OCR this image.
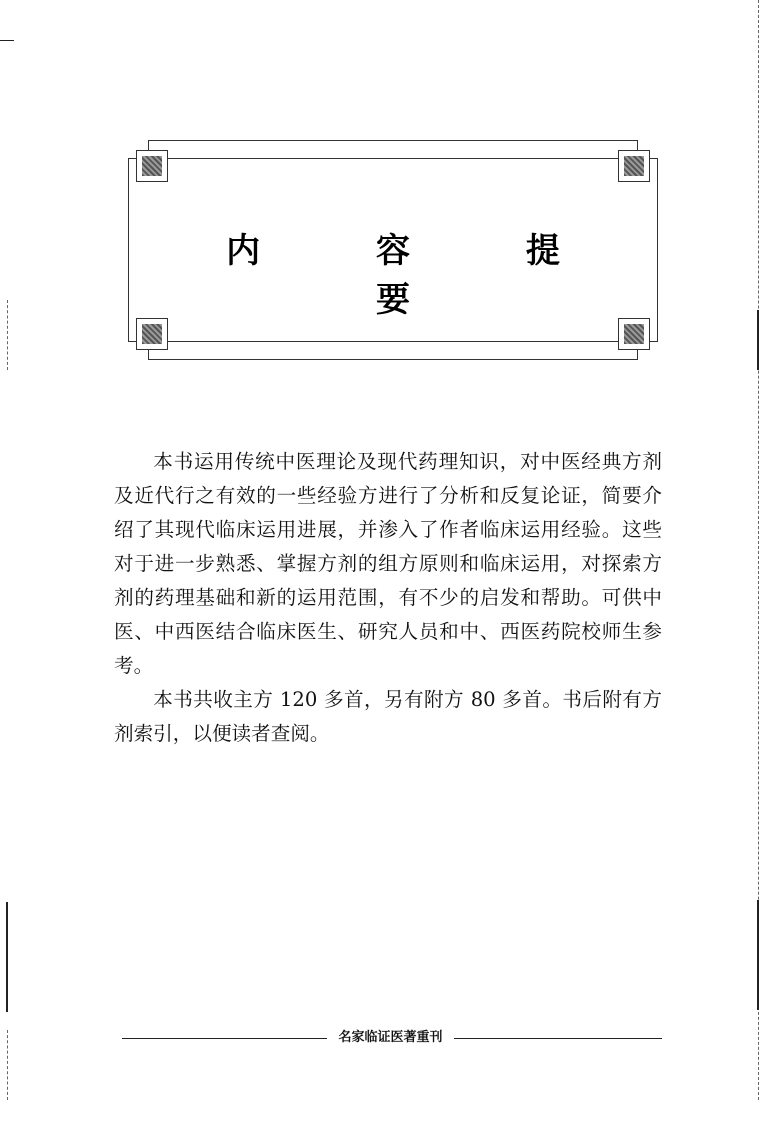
内 容 提 要

本书运用传统中医理论及现代药理知识，对中医经典方剂及近代行之有效的一些经验方进行了分析和反复论证，简要介绍了其现代临床运用进展，并渗入了作者临床运用经验。这些对于进一步熟悉、掌握方剂的组方原则和临床运用，对探索方剂的药理基础和新的运用范围，有不少的启发和帮助。可供中医、中西医结合临床医生、研究人员和中、西医药院校师生参考。

本书共收主方 120 多首，另有附方 80 多首。书后附有方剂索引，以便读者查阅。

名家临证医著重刊
